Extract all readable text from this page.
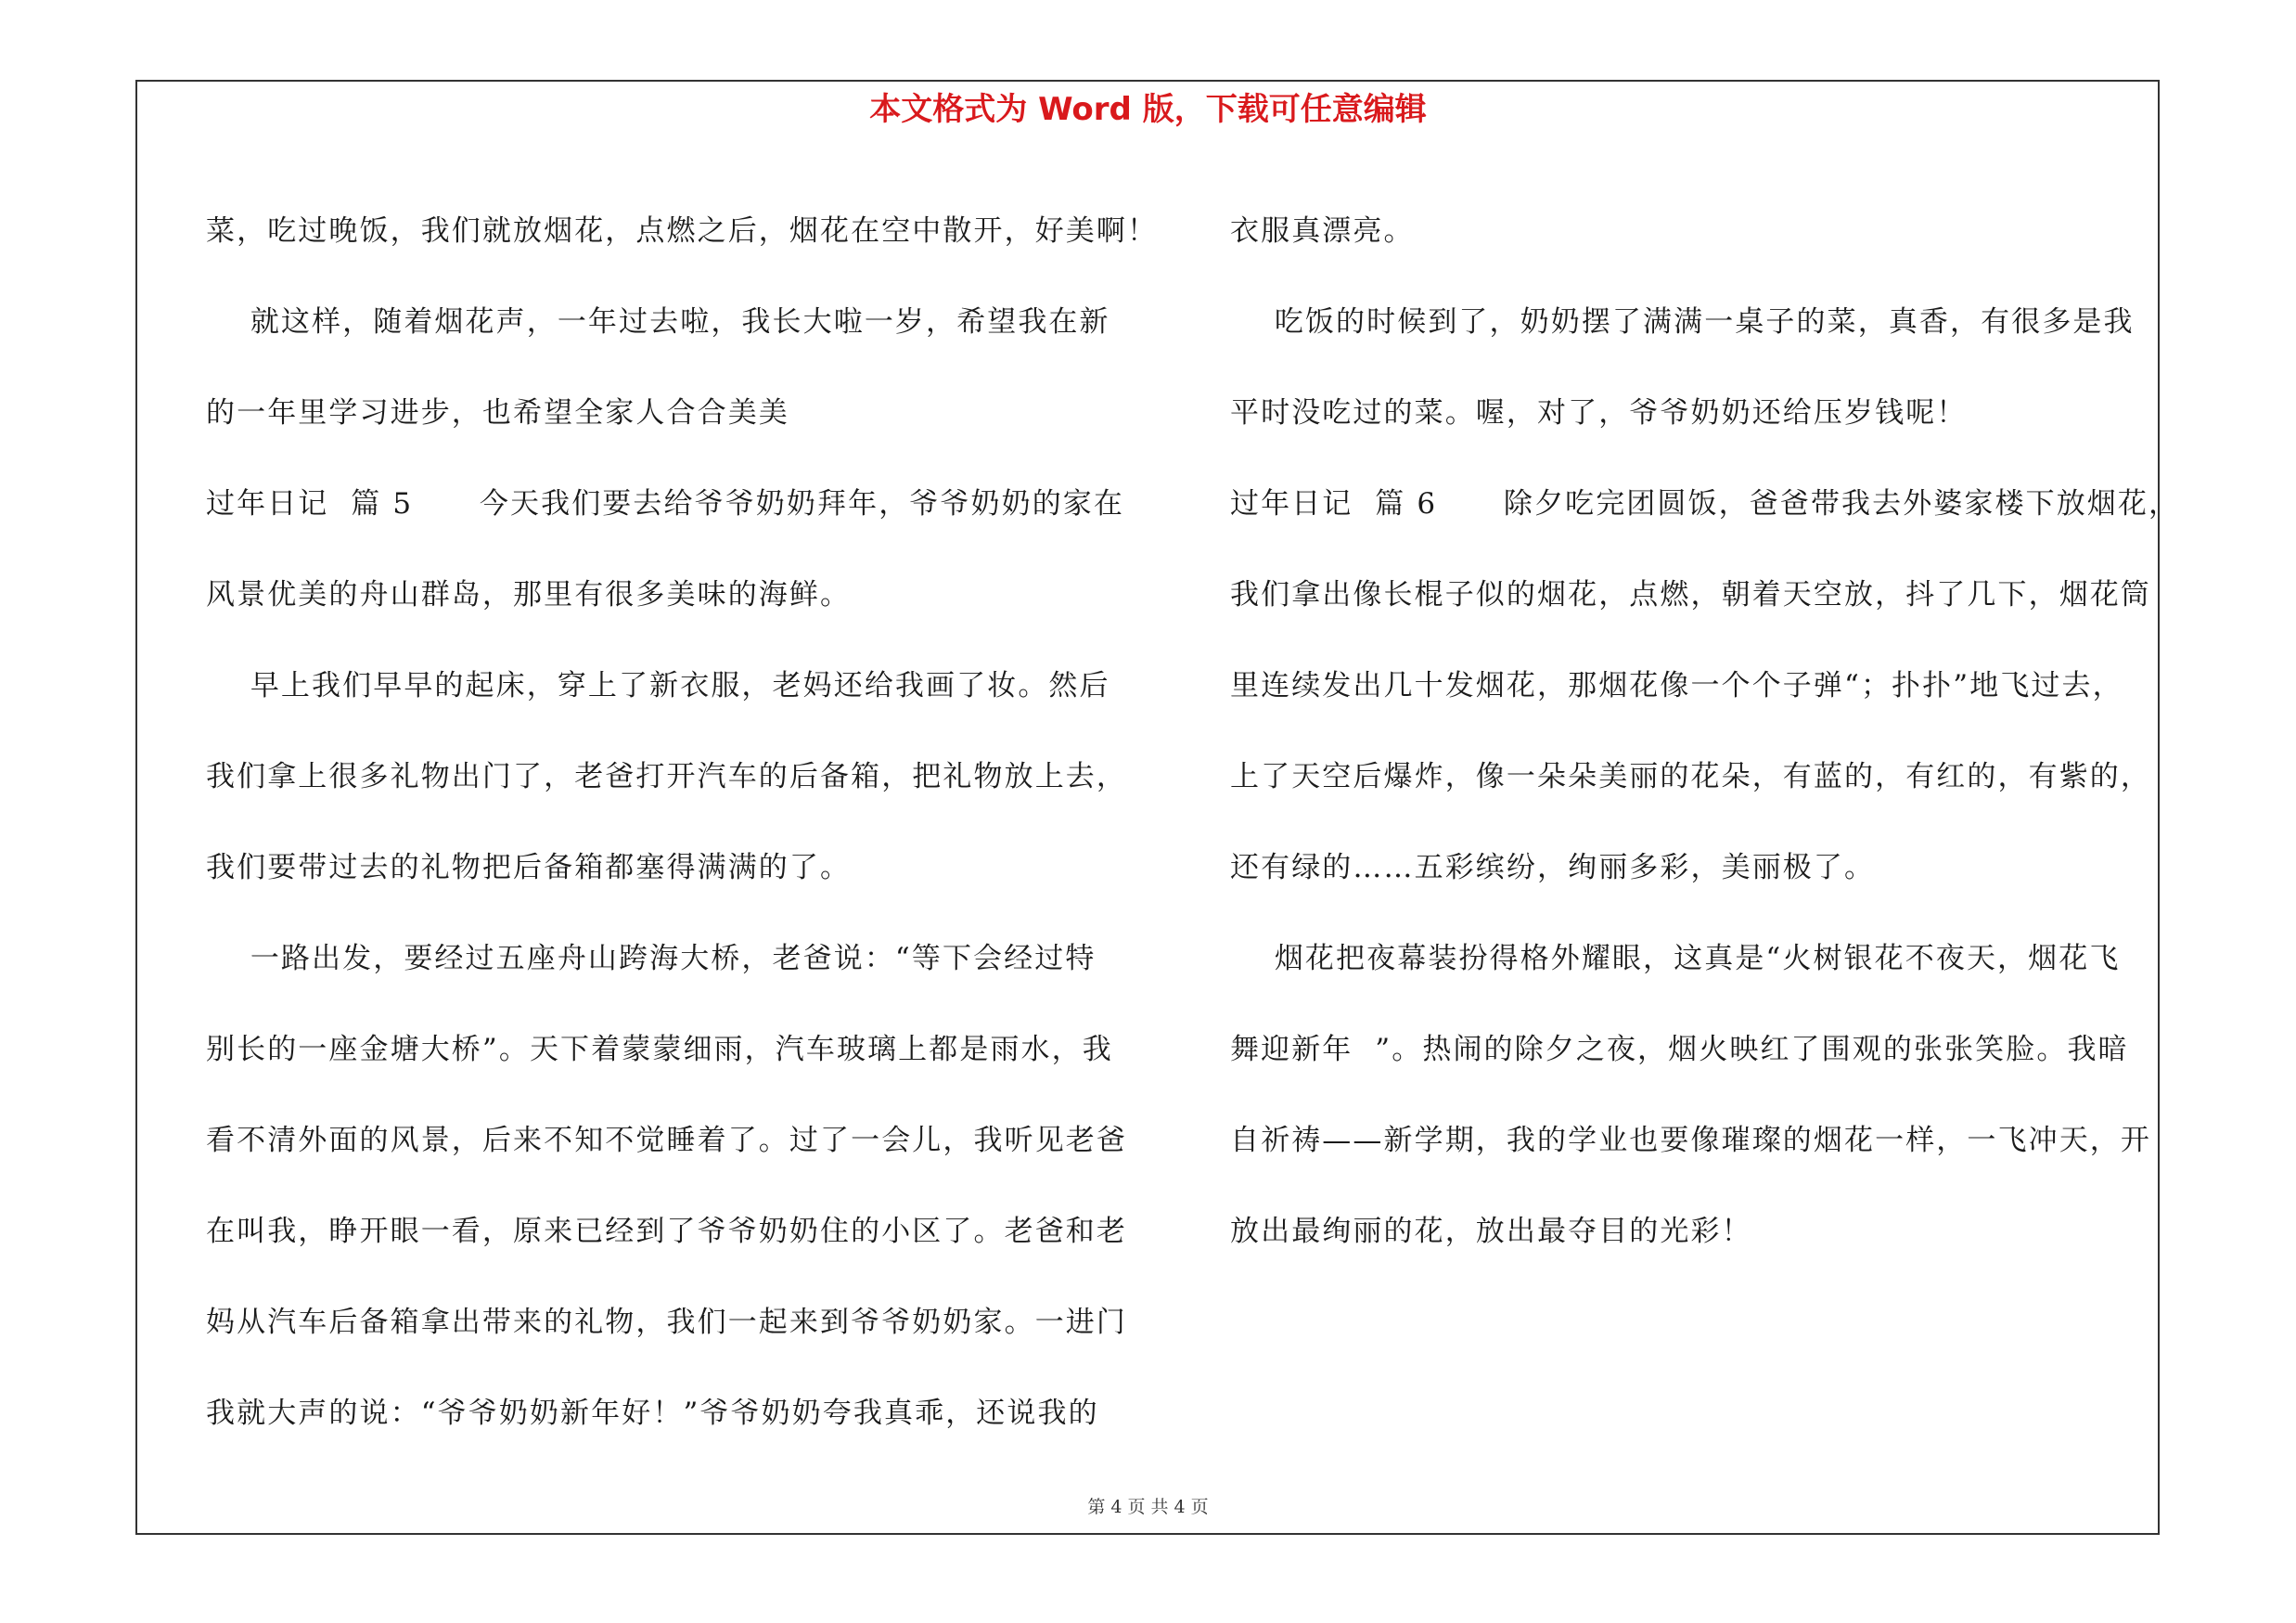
本文格式为 Word 版，下载可任意编辑

菜，吃过晚饭，我们就放烟花，点燃之后，烟花在空中散开，好美啊！

就这样，随着烟花声，一年过去啦，我长大啦一岁，希望我在新

的一年里学习进步，也希望全家人合合美美

过年日记  篇 5      今天我们要去给爷爷奶奶拜年，爷爷奶奶的家在

风景优美的舟山群岛，那里有很多美味的海鲜。

早上我们早早的起床，穿上了新衣服，老妈还给我画了妆。然后

我们拿上很多礼物出门了，老爸打开汽车的后备箱，把礼物放上去，

我们要带过去的礼物把后备箱都塞得满满的了。

一路出发，要经过五座舟山跨海大桥，老爸说：“等下会经过特

别长的一座金塘大桥”。天下着蒙蒙细雨，汽车玻璃上都是雨水，我

看不清外面的风景，后来不知不觉睡着了。过了一会儿，我听见老爸

在叫我，睁开眼一看，原来已经到了爷爷奶奶住的小区了。老爸和老

妈从汽车后备箱拿出带来的礼物，我们一起来到爷爷奶奶家。一进门

我就大声的说：“爷爷奶奶新年好！”爷爷奶奶夸我真乖，还说我的

衣服真漂亮。

吃饭的时候到了，奶奶摆了满满一桌子的菜，真香，有很多是我

平时没吃过的菜。喔，对了，爷爷奶奶还给压岁钱呢！

过年日记  篇 6      除夕吃完团圆饭，爸爸带我去外婆家楼下放烟花，

我们拿出像长棍子似的烟花，点燃，朝着天空放，抖了几下，烟花筒

里连续发出几十发烟花，那烟花像一个个子弹“；扑扑”地飞过去，

上了天空后爆炸，像一朵朵美丽的花朵，有蓝的，有红的，有紫的，

还有绿的……五彩缤纷，绚丽多彩，美丽极了。

烟花把夜幕装扮得格外耀眼，这真是“火树银花不夜天，烟花飞

舞迎新年  ”。热闹的除夕之夜，烟火映红了围观的张张笑脸。我暗

自祈祷——新学期，我的学业也要像璀璨的烟花一样，一飞冲天，开

放出最绚丽的花，放出最夺目的光彩！

第 4 页 共 4 页
